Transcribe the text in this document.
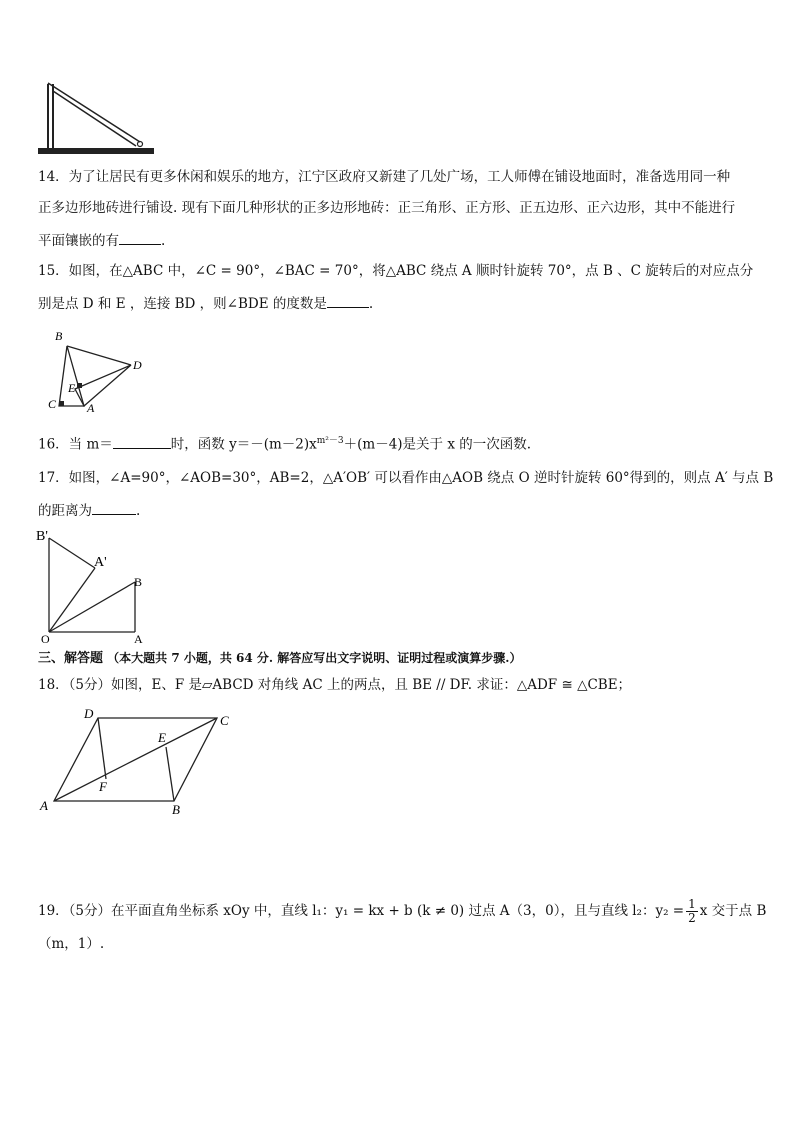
14．为了让居民有更多休闲和娱乐的地方，江宁区政府又新建了几处广场，工人师傅在铺设地面时，准备选用同一种
正多边形地砖进行铺设. 现有下面几种形状的正多边形地砖：正三角形、正方形、正五边形、正六边形，其中不能进行
平面镶嵌的有	.
15．如图，在△ABC 中，∠C = 90°，∠BAC = 70°，将△ABC 绕点 A 顺时针旋转 70°，点 B 、C 旋转后的对应点分
别是点 D 和 E ，连接 BD ，则∠BDE 的度数是	.
B
D
E
C	A
16．当 m＝	时，函数 $y=-(m-2)x^{m^2-3}+(m-4)$是关于 x 的一次函数.
17．如图，∠A=90°，∠AOB=30°，AB=2，△A′OB′ 可以看作由△AOB 绕点 O 逆时针旋转 60°得到的，则点 A′ 与点 B
的距离为	.
B'
A'
B
O	A
三、解答题 （本大题共 7 小题，共 64 分. 解答应写出文字说明、证明过程或演算步骤.）
18．（5分）如图，E、F 是▱ABCD 对角线 AC 上的两点，且 BE // DF. 求证：△ADF ≅ △CBE；
D	C
E
F
A	B
19．（5分）在平面直角坐标系 xOy 中，直线 l₁：y₁ = kx + b (k ≠ 0) 过点 A（3，0），且与直线 l₂：$y_2 = \frac{1}{2}$ x 交于点 B
（m，1）.
